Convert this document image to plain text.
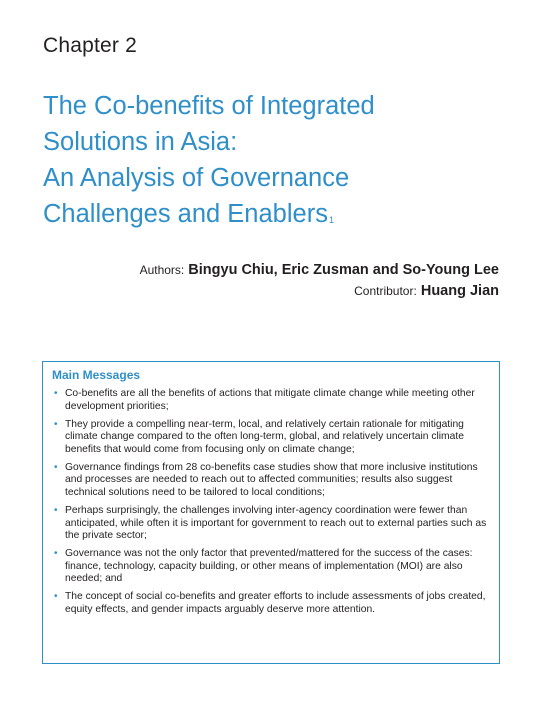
Chapter 2
The Co-benefits of Integrated
Solutions in Asia:
An Analysis of Governance
Challenges and Enablers$^1$
Authors: Bingyu Chiu, Eric Zusman and So-Young Lee
Contributor: Huang Jian
Main Messages
• Co-benefits are all the benefits of actions that mitigate climate change while meeting other development priorities;
• They provide a compelling near-term, local, and relatively certain rationale for mitigating climate change compared to the often long-term, global, and relatively uncertain climate benefits that would come from focusing only on climate change;
• Governance findings from 28 co-benefits case studies show that more inclusive institutions and processes are needed to reach out to affected communities; results also suggest technical solutions need to be tailored to local conditions;
• Perhaps surprisingly, the challenges involving inter-agency coordination were fewer than anticipated, while often it is important for government to reach out to external parties such as the private sector;
• Governance was not the only factor that prevented/mattered for the success of the cases: finance, technology, capacity building, or other means of implementation (MOI) are also needed; and
• The concept of social co-benefits and greater efforts to include assessments of jobs created, equity effects, and gender impacts arguably deserve more attention.
